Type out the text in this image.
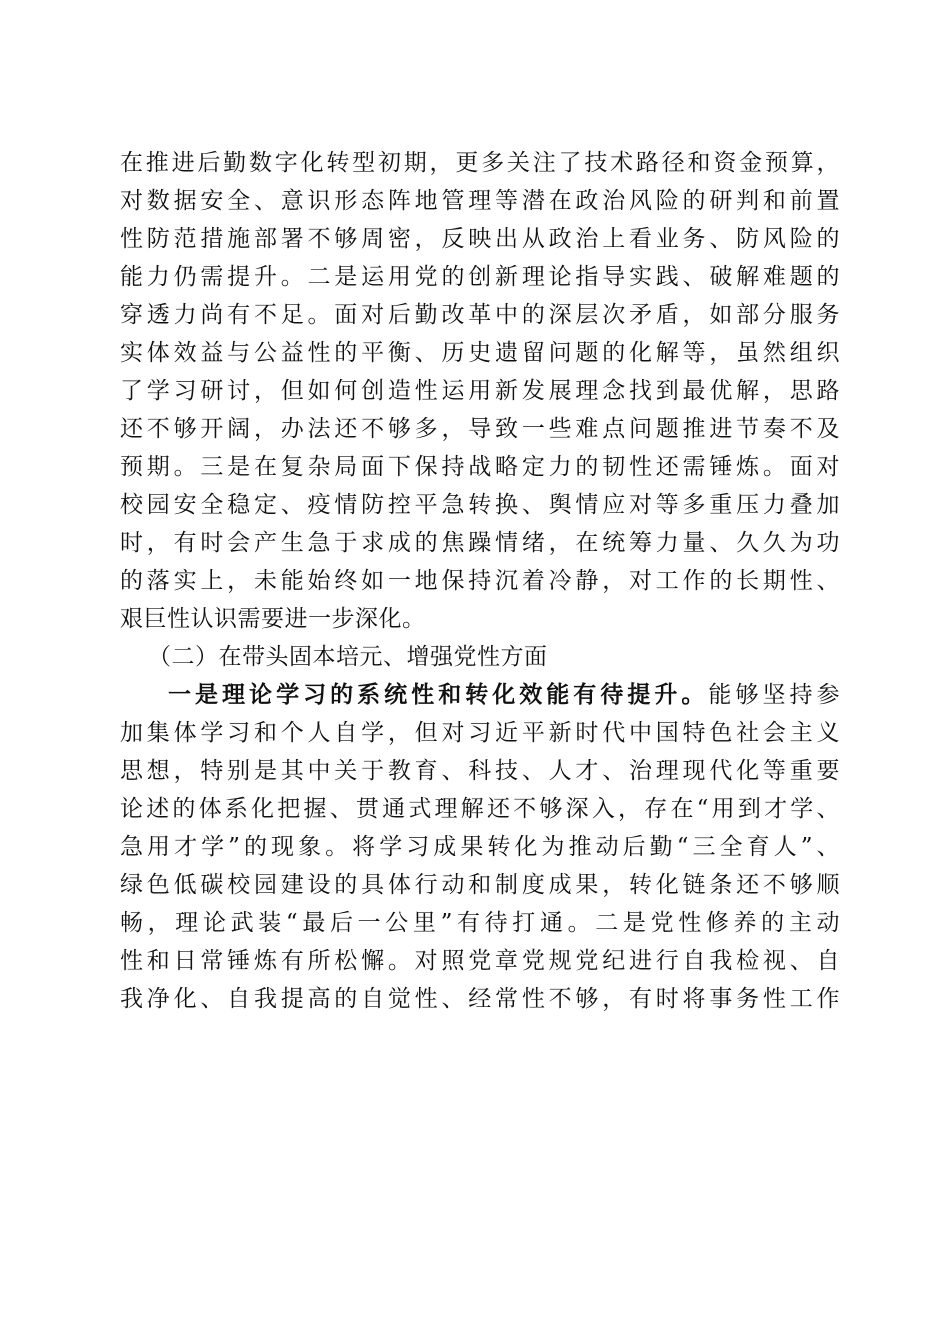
在推进后勤数字化转型初期，更多关注了技术路径和资金预算，
对数据安全、意识形态阵地管理等潜在政治风险的研判和前置
性防范措施部署不够周密，反映出从政治上看业务、防风险的
能力仍需提升。二是运用党的创新理论指导实践、破解难题的
穿透力尚有不足。面对后勤改革中的深层次矛盾，如部分服务
实体效益与公益性的平衡、历史遗留问题的化解等，虽然组织
了学习研讨，但如何创造性运用新发展理念找到最优解，思路
还不够开阔，办法还不够多，导致一些难点问题推进节奏不及
预期。三是在复杂局面下保持战略定力的韧性还需锤炼。面对
校园安全稳定、疫情防控平急转换、舆情应对等多重压力叠加
时，有时会产生急于求成的焦躁情绪，在统筹力量、久久为功
的落实上，未能始终如一地保持沉着冷静，对工作的长期性、
艰巨性认识需要进一步深化。
（二）在带头固本培元、增强党性方面
一是理论学习的系统性和转化效能有待提升。能够坚持参
加集体学习和个人自学，但对习近平新时代中国特色社会主义
思想，特别是其中关于教育、科技、人才、治理现代化等重要
论述的体系化把握、贯通式理解还不够深入，存在“用到才学、
急用才学”的现象。将学习成果转化为推动后勤“三全育人”、
绿色低碳校园建设的具体行动和制度成果，转化链条还不够顺
畅，理论武装“最后一公里”有待打通。二是党性修养的主动
性和日常锤炼有所松懈。对照党章党规党纪进行自我检视、自
我净化、自我提高的自觉性、经常性不够，有时将事务性工作
